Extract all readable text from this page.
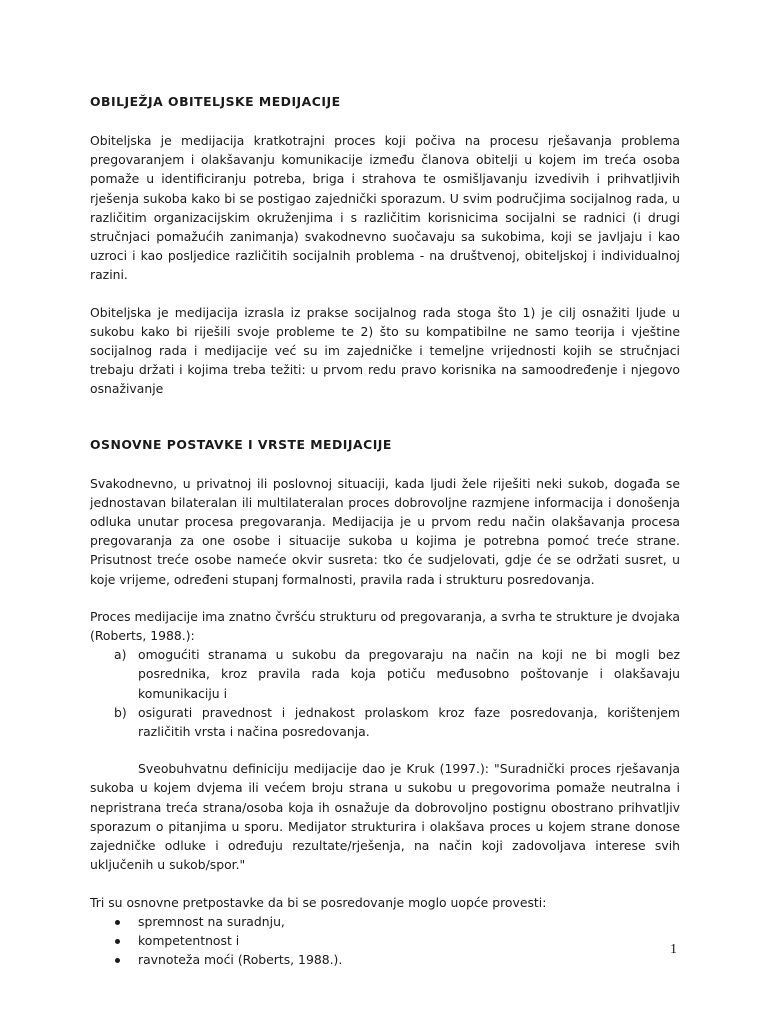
OBILJEŽJA OBITELJSKE MEDIJACIJE

Obiteljska je medijacija kratkotrajni proces koji počiva na procesu rješavanja problema pregovaranjem i olakšavanju komunikacije između članova obitelji u kojem im treća osoba pomaže u identificiranju potreba, briga i strahova te osmišljavanju izvedivih i prihvatljivih rješenja sukoba kako bi se postigao zajednički sporazum. U svim područjima socijalnog rada, u različitim organizacijskim okruženjima i s različitim korisnicima socijalni se radnici (i drugi stručnjaci pomažućih zanimanja) svakodnevno suočavaju sa sukobima, koji se javljaju i kao uzroci i kao posljedice različitih socijalnih problema - na društvenoj, obiteljskoj i individualnoj razini.

Obiteljska je medijacija izrasla iz prakse socijalnog rada stoga što 1) je cilj osnažiti ljude u sukobu kako bi riješili svoje probleme te 2) što su kompatibilne ne samo teorija i vještine socijalnog rada i medijacije već su im zajedničke i temeljne vrijednosti kojih se stručnjaci trebaju držati i kojima treba težiti: u prvom redu pravo korisnika na samoodređenje i njegovo osnaživanje

OSNOVNE POSTAVKE I VRSTE MEDIJACIJE

Svakodnevno, u privatnoj ili poslovnoj situaciji, kada ljudi žele riješiti neki sukob, događa se jednostavan bilateralan ili multilateralan proces dobrovoljne razmjene informacija i donošenja odluka unutar procesa pregovaranja. Medijacija je u prvom redu način olakšavanja procesa pregovaranja za one osobe i situacije sukoba u kojima je potrebna pomoć treće strane. Prisutnost treće osobe nameće okvir susreta: tko će sudjelovati, gdje će se održati susret, u koje vrijeme, određeni stupanj formalnosti, pravila rada i strukturu posredovanja.

Proces medijacije ima znatno čvršću strukturu od pregovaranja, a svrha te strukture je dvojaka (Roberts, 1988.):

a) omogućiti stranama u sukobu da pregovaraju na način na koji ne bi mogli bez posrednika, kroz pravila rada koja potiču međusobno poštovanje i olakšavaju komunikaciju i
b) osigurati pravednost i jednakost prolaskom kroz faze posredovanja, korištenjem različitih vrsta i načina posredovanja.

Sveobuhvatnu definiciju medijacije dao je Kruk (1997.): "Suradnički proces rješavanja sukoba u kojem dvjema ili većem broju strana u sukobu u pregovorima pomaže neutralna i nepristrana treća strana/osoba koja ih osnažuje da dobrovoljno postignu obostrano prihvatljiv sporazum o pitanjima u sporu. Medijator strukturira i olakšava proces u kojem strane donose zajedničke odluke i određuju rezultate/rješenja, na način koji zadovoljava interese svih uključenih u sukob/spor."

Tri su osnovne pretpostavke da bi se posredovanje moglo uopće provesti:

spremnost na suradnju,
kompetentnost i
ravnoteža moći (Roberts, 1988.).
1
